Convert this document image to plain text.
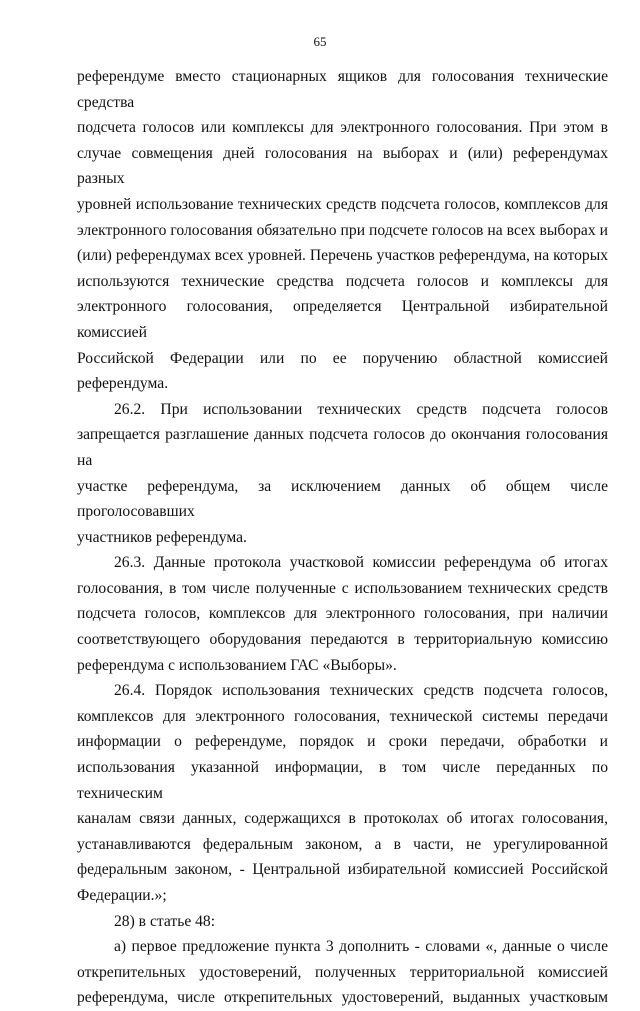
65
референдуме вместо стационарных ящиков для голосования технические средства
подсчета голосов или комплексы для электронного голосования. При этом в
случае совмещения дней голосования на выборах и (или) референдумах разных
уровней использование технических средств подсчета голосов, комплексов для
электронного голосования обязательно при подсчете голосов на всех выборах и
(или) референдумах всех уровней. Перечень участков референдума, на которых
используются технические средства подсчета голосов и комплексы для
электронного голосования, определяется Центральной избирательной комиссией
Российской Федерации или по ее поручению областной комиссией референдума.
26.2. При использовании технических средств подсчета голосов
запрещается разглашение данных подсчета голосов до окончания голосования на
участке референдума, за исключением данных об общем числе проголосовавших
участников референдума.
26.3. Данные протокола участковой комиссии референдума об итогах
голосования, в том числе полученные с использованием технических средств
подсчета голосов, комплексов для электронного голосования, при наличии
соответствующего оборудования передаются в территориальную комиссию
референдума с использованием ГАС «Выборы».
26.4. Порядок использования технических средств подсчета голосов,
комплексов для электронного голосования, технической системы передачи
информации о референдуме, порядок и сроки передачи, обработки и
использования указанной информации, в том числе переданных по техническим
каналам связи данных, содержащихся в протоколах об итогах голосования,
устанавливаются федеральным законом, а в части, не урегулированной
федеральным законом, - Центральной избирательной комиссией Российской
Федерации.»;
28) в статье 48:
а) первое предложение пункта 3 дополнить - словами «, данные о числе
открепительных удостоверений, полученных территориальной комиссией
референдума, числе открепительных удостоверений, выданных участковым
